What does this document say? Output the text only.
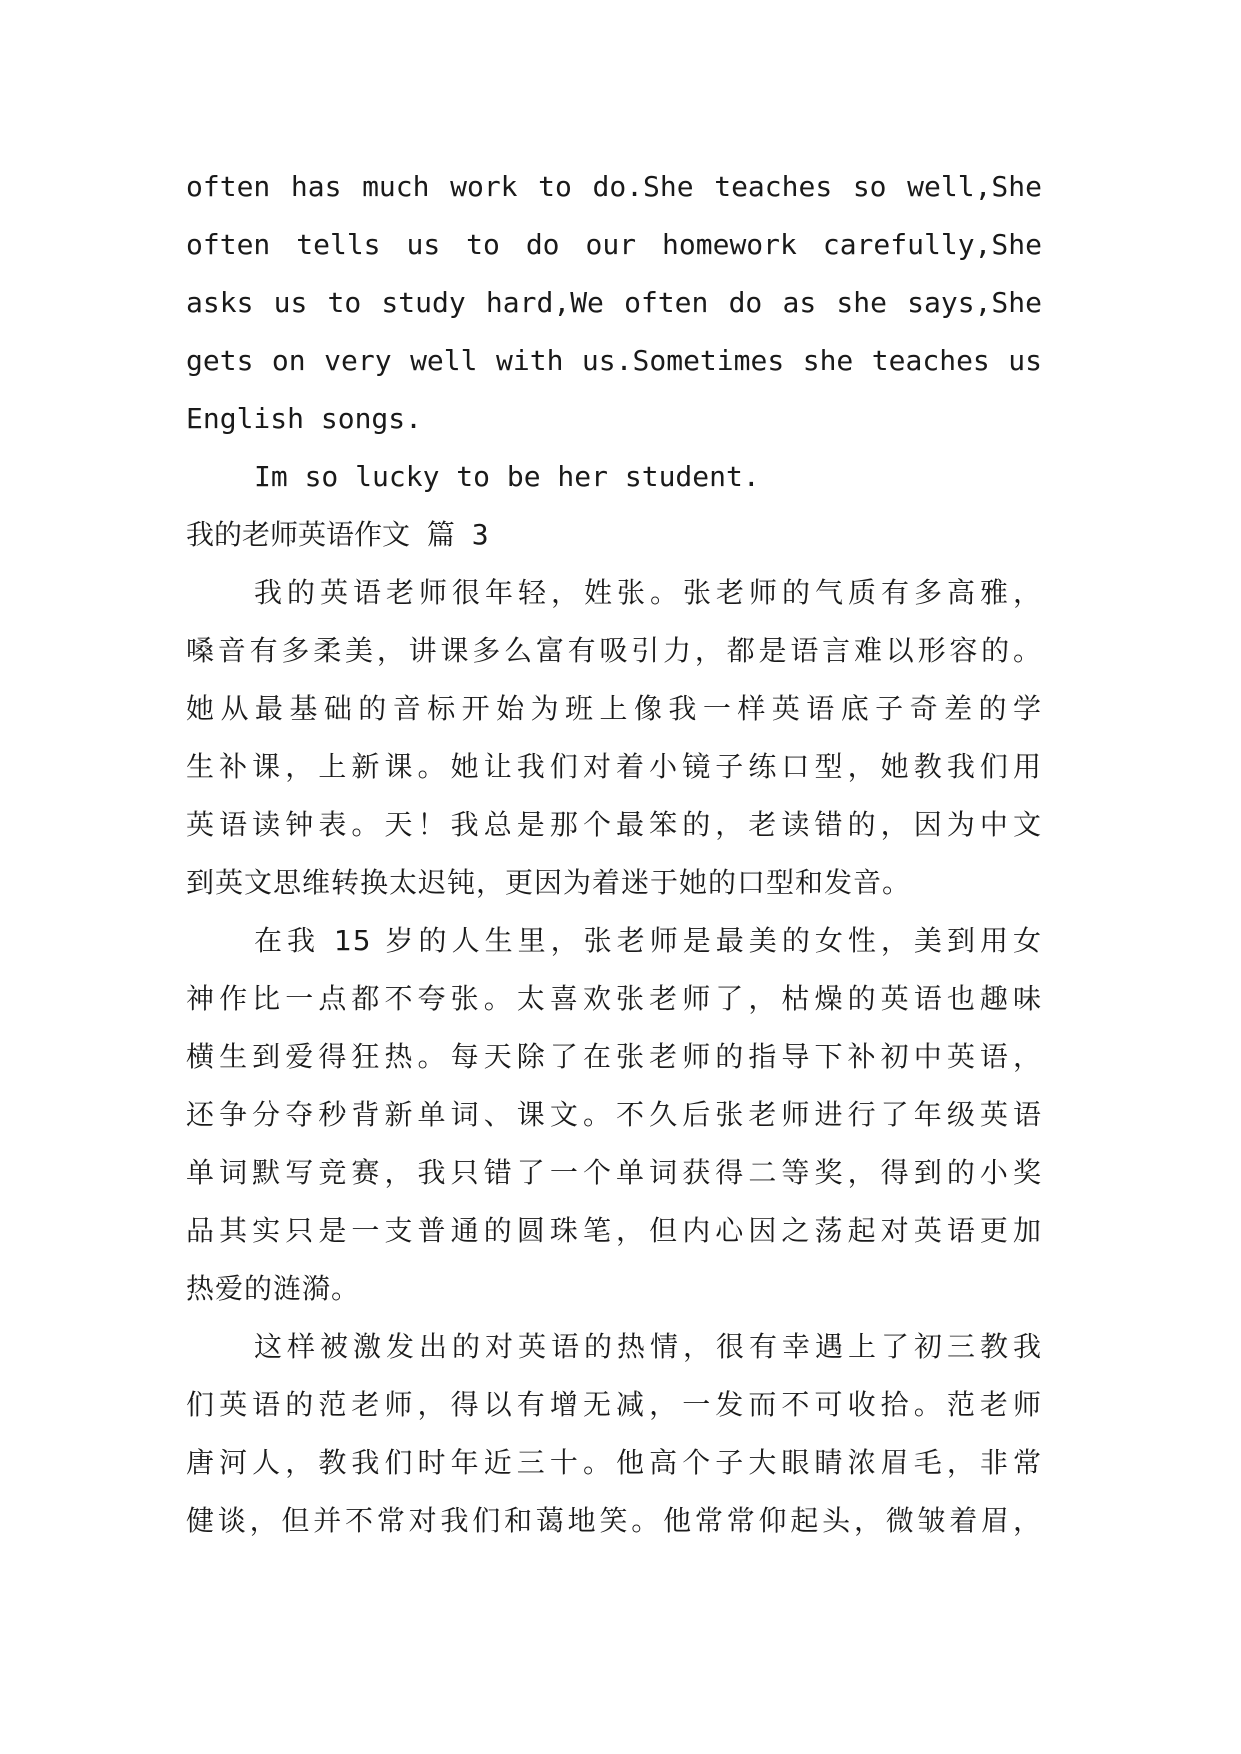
often has much work to do.She teaches so well,She
often tells us to do our homework carefully,She
asks us to study hard,We often do as she says,She
gets on very well with us.Sometimes she teaches us
English songs.
Im so lucky to be her student.
我的老师英语作文 篇 3
我的英语老师很年轻，姓张。张老师的气质有多高雅，
嗓音有多柔美，讲课多么富有吸引力，都是语言难以形容的。
她从最基础的音标开始为班上像我一样英语底子奇差的学
生补课，上新课。她让我们对着小镜子练口型，她教我们用
英语读钟表。天！我总是那个最笨的，老读错的，因为中文
到英文思维转换太迟钝，更因为着迷于她的口型和发音。
在我 15 岁的人生里，张老师是最美的女性，美到用女
神作比一点都不夸张。太喜欢张老师了，枯燥的英语也趣味
横生到爱得狂热。每天除了在张老师的指导下补初中英语，
还争分夺秒背新单词、课文。不久后张老师进行了年级英语
单词默写竞赛，我只错了一个单词获得二等奖，得到的小奖
品其实只是一支普通的圆珠笔，但内心因之荡起对英语更加
热爱的涟漪。
这样被激发出的对英语的热情，很有幸遇上了初三教我
们英语的范老师，得以有增无减，一发而不可收拾。范老师
唐河人，教我们时年近三十。他高个子大眼睛浓眉毛，非常
健谈，但并不常对我们和蔼地笑。他常常仰起头，微皱着眉，
